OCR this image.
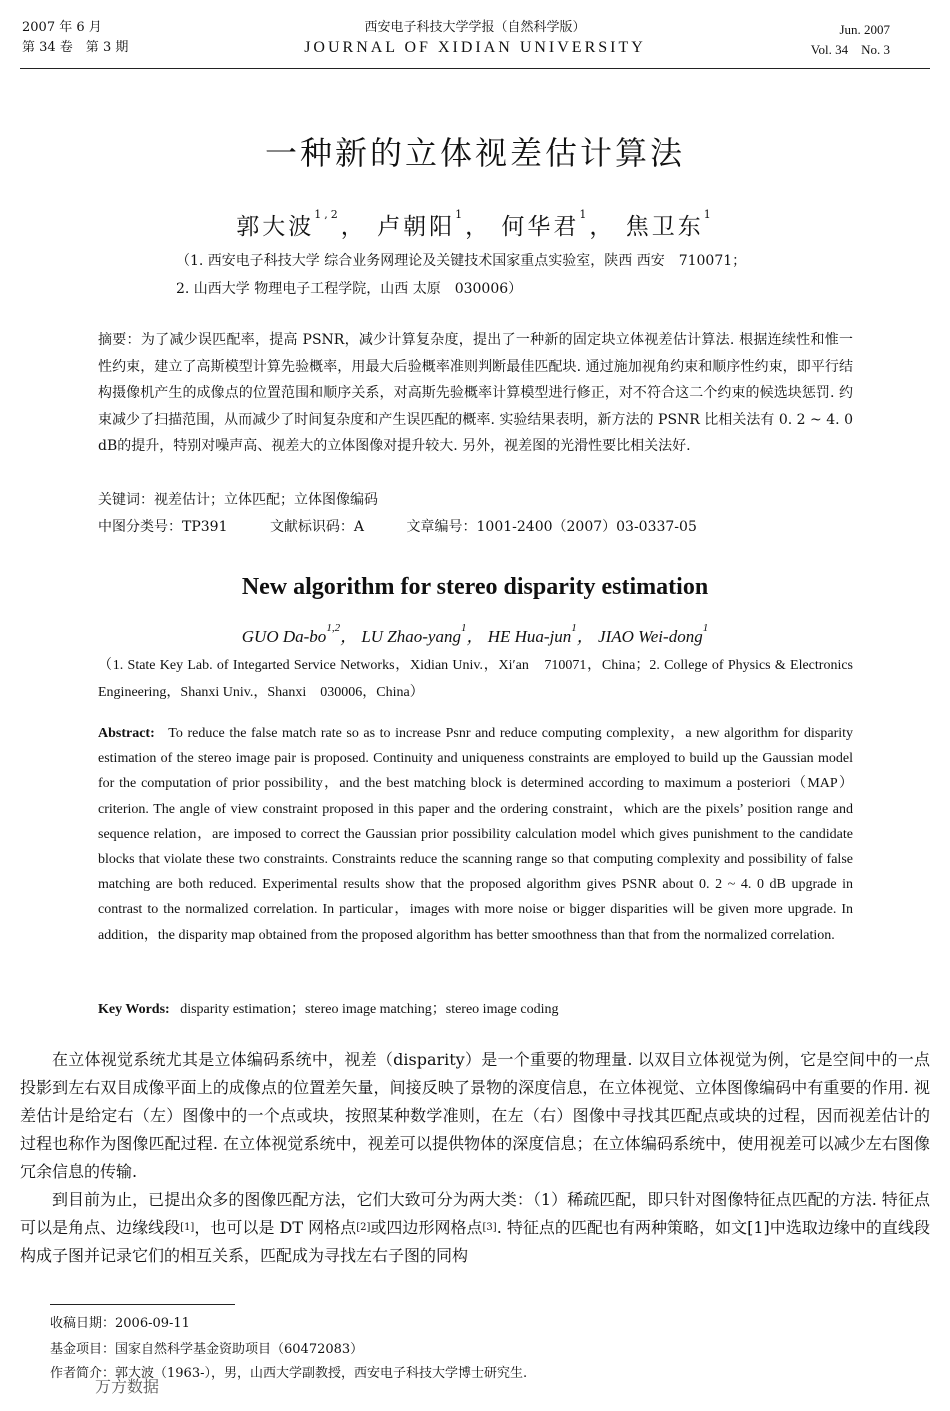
2007 年 6 月
第 34 卷　第 3 期
西安电子科技大学学报（自然科学版）
JOURNAL OF XIDIAN UNIVERSITY
Jun. 2007
Vol. 34　No. 3
一种新的立体视差估计算法
郭大波$^{1,2}$， 卢朝阳$^1$， 何华君$^1$， 焦卫东$^1$
（1. 西安电子科技大学 综合业务网理论及关键技术国家重点实验室，陕西 西安　710071；
2. 山西大学 物理电子工程学院，山西 太原　030006）
摘要：为了减少误匹配率，提高 PSNR，减少计算复杂度，提出了一种新的固定块立体视差估计算法. 根据连续性和惟一性约束，建立了高斯模型计算先验概率，用最大后验概率准则判断最佳匹配块. 通过施加视角约束和顺序性约束，即平行结构摄像机产生的成像点的位置范围和顺序关系，对高斯先验概率计算模型进行修正，对不符合这二个约束的候选块惩罚. 约束减少了扫描范围，从而减少了时间复杂度和产生误匹配的概率. 实验结果表明，新方法的 PSNR 比相关法有 0. 2 ~ 4. 0 dB的提升，特别对噪声高、视差大的立体图像对提升较大. 另外，视差图的光滑性要比相关法好.
关键词：视差估计；立体匹配；立体图像编码
中图分类号：TP391	文献标识码：A	文章编号：1001-2400（2007）03-0337-05
New algorithm for stereo disparity estimation
GUO Da-bo$^{1,2}$， LU Zhao-yang$^1$， HE Hua-jun$^1$， JIAO Wei-dong$^1$
（1. State Key Lab. of Integarted Service Networks，Xidian Univ.，Xi′an　710071，China；2. College of Physics & Electronics Engineering，Shanxi Univ.，Shanxi　030006，China）
Abstract: To reduce the false match rate so as to increase Psnr and reduce computing complexity，a new algorithm for disparity estimation of the stereo image pair is proposed. Continuity and uniqueness constraints are employed to build up the Gaussian model for the computation of prior possibility，and the best matching block is determined according to maximum a posteriori（MAP）criterion. The angle of view constraint proposed in this paper and the ordering constraint，which are the pixels’ position range and sequence relation，are imposed to correct the Gaussian prior possibility calculation model which gives punishment to the candidate blocks that violate these two constraints. Constraints reduce the scanning range so that computing complexity and possibility of false matching are both reduced. Experimental results show that the proposed algorithm gives PSNR about 0. 2 ~ 4. 0 dB upgrade in contrast to the normalized correlation. In particular，images with more noise or bigger disparities will be given more upgrade. In addition，the disparity map obtained from the proposed algorithm has better smoothness than that from the normalized correlation.
Key Words: disparity estimation；stereo image matching；stereo image coding

在立体视觉系统尤其是立体编码系统中，视差（disparity）是一个重要的物理量. 以双目立体视觉为例，它是空间中的一点投影到左右双目成像平面上的成像点的位置差矢量，间接反映了景物的深度信息，在立体视觉、立体图像编码中有重要的作用. 视差估计是给定右（左）图像中的一个点或块，按照某种数学准则，在左（右）图像中寻找其匹配点或块的过程，因而视差估计的过程也称作为图像匹配过程. 在立体视觉系统中，视差可以提供物体的深度信息；在立体编码系统中，使用视差可以减少左右图像冗余信息的传输.

到目前为止，已提出众多的图像匹配方法，它们大致可分为两大类：（1）稀疏匹配，即只针对图像特征点匹配的方法. 特征点可以是角点、边缘线段[1]，也可以是 DT 网格点[2]或四边形网格点[3]. 特征点的匹配也有两种策略，如文[1]中选取边缘中的直线段构成子图并记录它们的相互关系，匹配成为寻找左右子图的同构

收稿日期：2006-09-11
基金项目：国家自然科学基金资助项目（60472083）
作者简介：郭大波（1963-），男，山西大学副教授，西安电子科技大学博士研究生.
万方数据
